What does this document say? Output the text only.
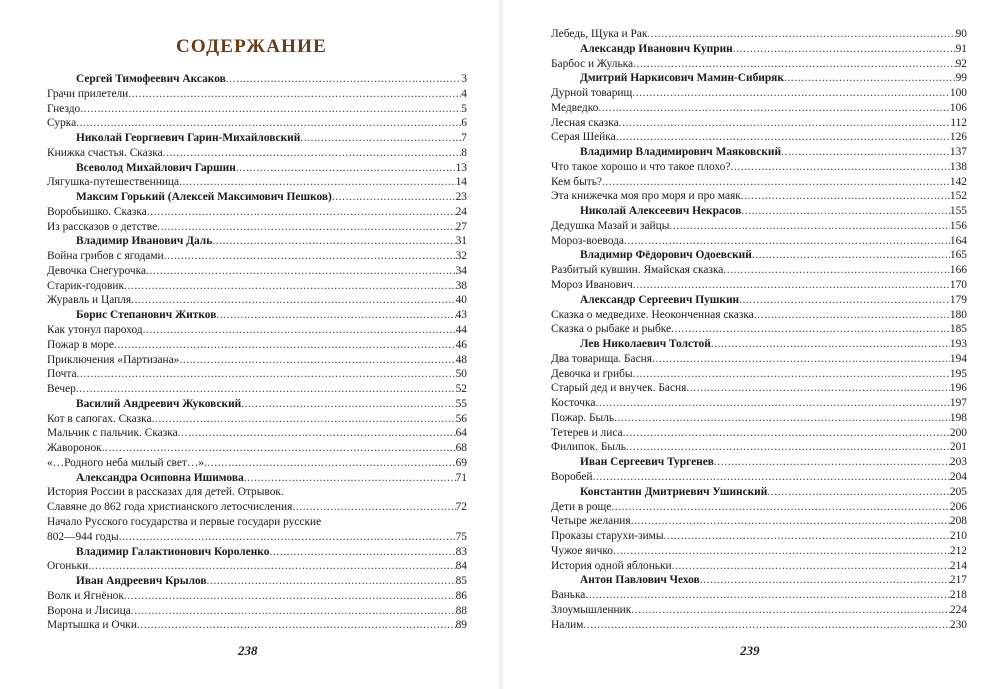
СОДЕРЖАНИЕ
Сергей Тимофеевич Аксаков .....	3
Грачи прилетели .....	4
Гнездо .....	5
Сурка .....	6
Николай Георгиевич Гарин-Михайловский .....	7
Книжка счастья. Сказка .....	8
Всеволод Михайлович Гаршин .....	13
Лягушка-путешественница .....	14
Максим Горький (Алексей Максимович Пешков) .....	23
Воробьишко. Сказка .....	24
Из рассказов о детстве .....	27
Владимир Иванович Даль .....	31
Война грибов с ягодами .....	32
Девочка Снегурочка .....	34
Старик-годовик .....	38
Журавль и Цапля .....	40
Борис Степанович Житков .....	43
Как утонул пароход .....	44
Пожар в море .....	46
Приключения «Партизана» .....	48
Почта .....	50
Вечер .....	52
Василий Андреевич Жуковский .....	55
Кот в сапогах. Сказка .....	56
Мальчик с пальчик. Сказка .....	64
Жаворонок .....	68
«…Родного неба милый свет…» .....	69
Александра Осиповна Ишимова .....	71
История России в рассказах для детей. Отрывок.
Славяне до 862 года христианского летосчисления .....	72
Начало Русского государства и первые государи русские
802—944 годы .....	75
Владимир Галактионович Короленко .....	83
Огоньки .....	84
Иван Андреевич Крылов .....	85
Волк и Ягнёнок .....	86
Ворона и Лисица .....	88
Мартышка и Очки .....	89
238
Лебедь, Щука и Рак .....	90
Александр Иванович Куприн .....	91
Барбос и Жулька .....	92
Дмитрий Наркисович Мамин-Сибиряк .....	99
Дурной товарищ .....	100
Медведко .....	106
Лесная сказка .....	112
Серая Шейка .....	126
Владимир Владимирович Маяковский .....	137
Что такое хорошо и что такое плохо? .....	138
Кем быть? .....	142
Эта книжечка моя про моря и про маяк .....	152
Николай Алексеевич Некрасов .....	155
Дедушка Мазай и зайцы .....	156
Мороз-воевода .....	164
Владимир Фёдорович Одоевский .....	165
Разбитый кувшин. Ямайская сказка .....	166
Мороз Иванович .....	170
Александр Сергеевич Пушкин .....	179
Сказка о медведихе. Неоконченная сказка .....	180
Сказка о рыбаке и рыбке .....	185
Лев Николаевич Толстой .....	193
Два товарища. Басня .....	194
Девочка и грибы .....	195
Старый дед и внучек. Басня .....	196
Косточка .....	197
Пожар. Быль .....	198
Тетерев и лиса .....	200
Филипок. Быль .....	201
Иван Сергеевич Тургенев .....	203
Воробей .....	204
Константин Дмитриевич Ушинский .....	205
Дети в роще .....	206
Четыре желания .....	208
Проказы старухи-зимы .....	210
Чужое яичко .....	212
История одной яблоньки .....	214
Антон Павлович Чехов .....	217
Ванька .....	218
Злоумышленник .....	224
Налим .....	230
239
